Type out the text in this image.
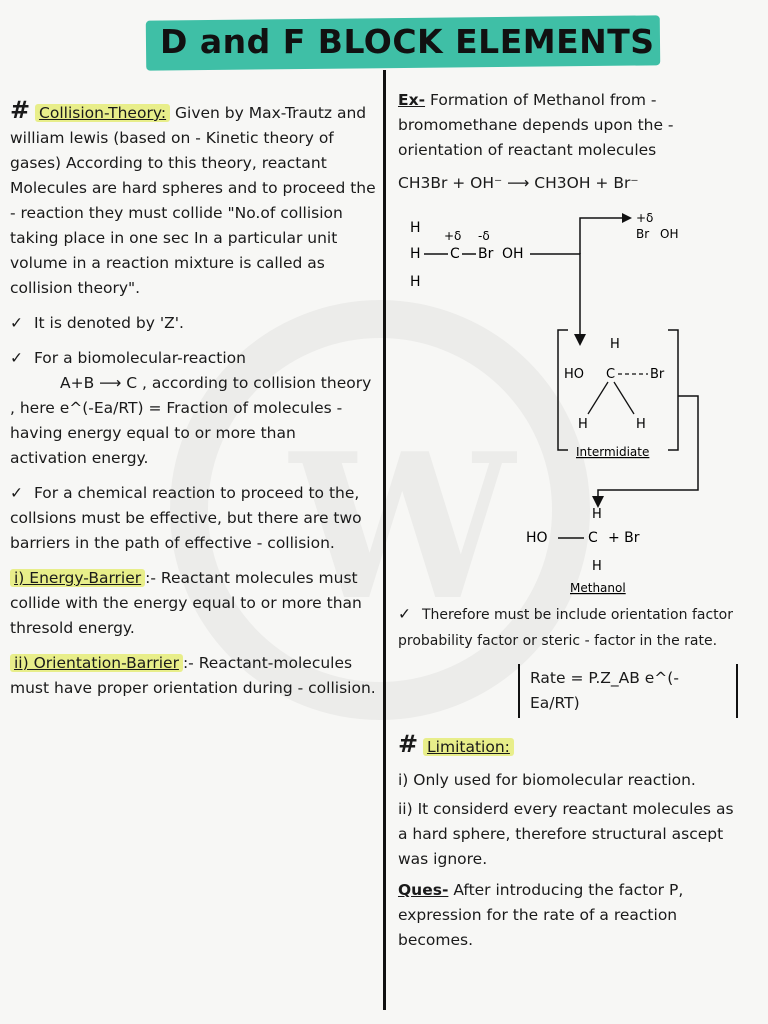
D and F BLOCK ELEMENTS

# Collision-Theory: Given by Max-Trautz and william lewis (based on - Kinetic theory of gases) According to this theory, reactant Molecules are hard spheres and to proceed the - reaction they must collide "No.of collision taking place in one sec In a particular unit volume in a reaction mixture is called as collision theory".

✓ It is denoted by 'Z'.

✓ For a biomolecular-reaction

A+B ⟶ C , according to collision theory

, here e^(-Ea/RT) = Fraction of molecules - having energy equal to or more than activation energy.

✓ For a chemical reaction to proceed to the, collsions must be effective, but there are two barriers in the path of effective - collision.

i) Energy-Barrier :- Reactant molecules must collide with the energy equal to or more than thresold energy.

ii) Orientation-Barrier :- Reactant-molecules must have proper orientation during - collision.

Ex- Formation of Methanol from - bromomethane depends upon the - orientation of reactant molecules

CH3Br + OH⁻ ⟶ CH3OH + Br⁻

H
H
H
C
+δ
Br
-δ
OH
+δ
Br OH
H
HO C	Br
H	H
Intermidiate
H
HO	C + Br
H
Methanol

✓ Therefore must be include orientation factor probability factor or steric - factor in the rate.

Rate = P.Z_AB e^(-Ea/RT)

# Limitation:

i) Only used for biomolecular reaction.

ii) It considerd every reactant molecules as a hard sphere, therefore structural ascept was ignore.

Ques- After introducing the factor P, expression for the rate of a reaction becomes.
